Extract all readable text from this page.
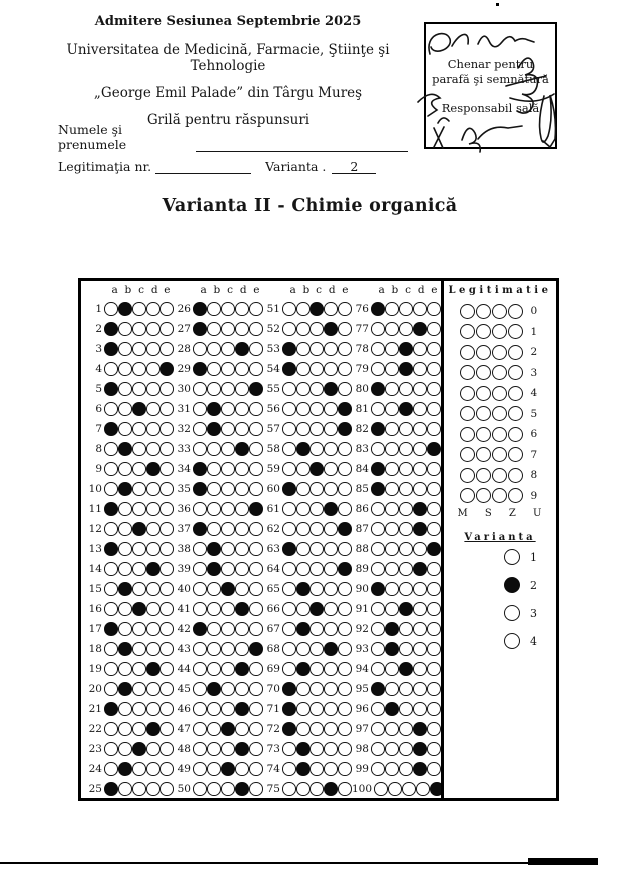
Admitere Sesiunea Septembrie 2025
Universitatea de Medicină, Farmacie, Ştiinţe şi Tehnologie
„George Emil Palade” din Târgu Mureş
Grilă pentru răspunsuri
Numele şi prenumele
Legitimaţia nr.	Varianta .	2
Chenar pentru
parafă şi semnătură
Responsabil sală
Varianta II - Chimie organică
a b c d e
1
2
3
4
5
6
7
8
9
10
11
12
13
14
15
16
17
18
19
20
21
22
23
24
25
a b c d e
26
27
28
29
30
31
32
33
34
35
36
37
38
39
40
41
42
43
44
45
46
47
48
49
50
a b c d e
51
52
53
54
55
56
57
58
59
60
61
62
63
64
65
66
67
68
69
70
71
72
73
74
75
a b c d e
76
77
78
79
80
81
82
83
84
85
86
87
88
89
90
91
92
93
94
95
96
97
98
99
100
Legitimatie
0
1
2
3
4
5
6
7
8
9
M S Z U
Varianta
1
2
3
4
